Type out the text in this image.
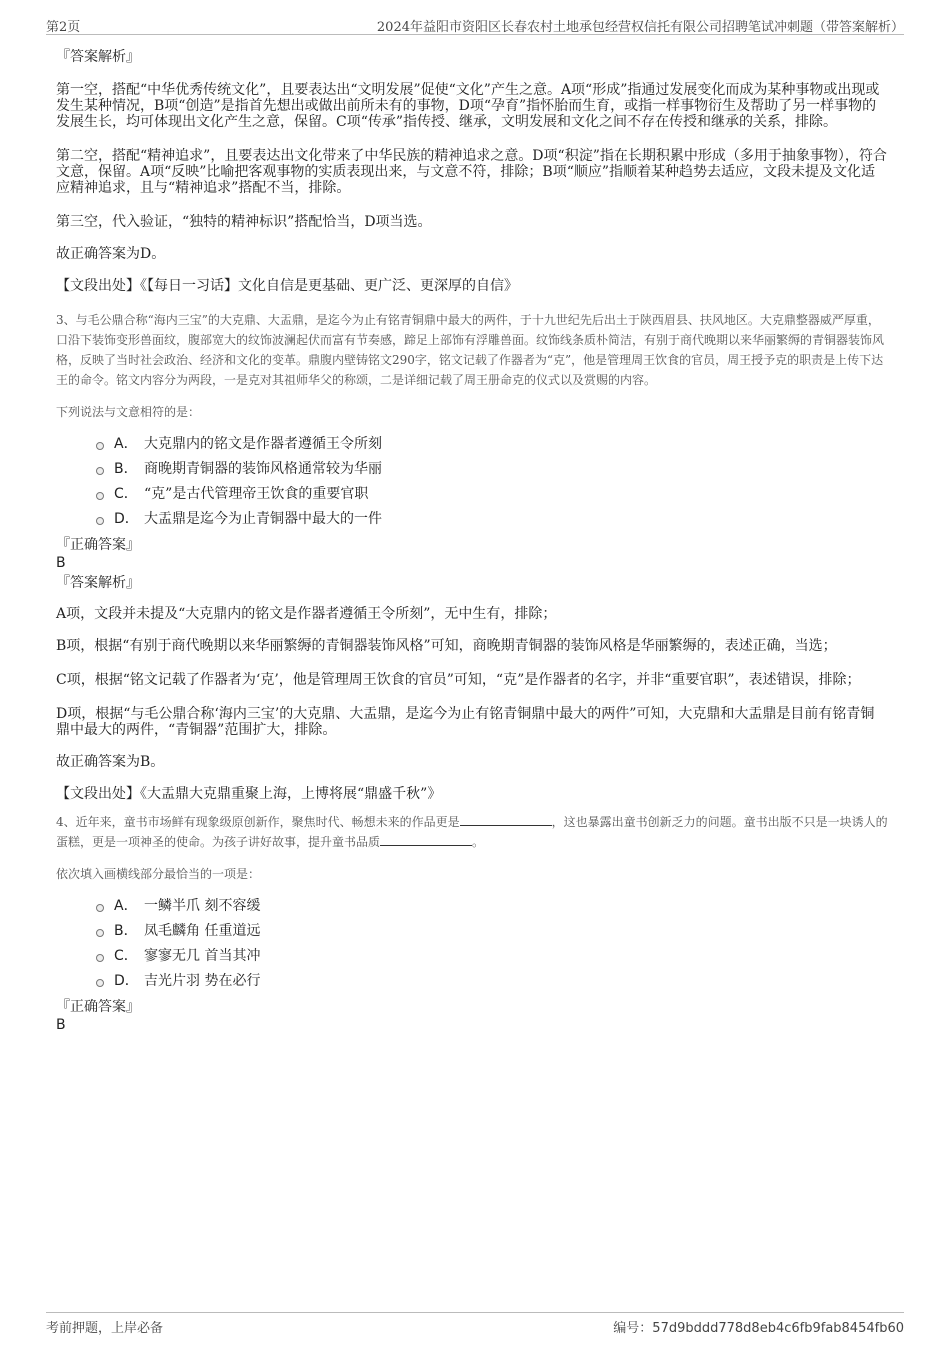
第2页	2024年益阳市资阳区长春农村土地承包经营权信托有限公司招聘笔试冲刺题（带答案解析）

『答案解析』

第一空，搭配“中华优秀传统文化”，且要表达出“文明发展”促使“文化”产生之意。A项“形成”指通过发展变化而成为某种事物或出现或发生某种情况，B项“创造”是指首先想出或做出前所未有的事物，D项“孕育”指怀胎而生育，或指一样事物衍生及帮助了另一样事物的发展生长，均可体现出文化产生之意，保留。C项“传承”指传授、继承，文明发展和文化之间不存在传授和继承的关系，排除。

第二空，搭配“精神追求”，且要表达出文化带来了中华民族的精神追求之意。D项“积淀”指在长期积累中形成（多用于抽象事物），符合文意，保留。A项“反映”比喻把客观事物的实质表现出来，与文意不符，排除；B项“顺应”指顺着某种趋势去适应，文段未提及文化适应精神追求，且与“精神追求”搭配不当，排除。

第三空，代入验证，“独特的精神标识”搭配恰当，D项当选。

故正确答案为D。

【文段出处】《【每日一习话】文化自信是更基础、更广泛、更深厚的自信》

3、与毛公鼎合称“海内三宝”的大克鼎、大盂鼎，是迄今为止有铭青铜鼎中最大的两件，于十九世纪先后出土于陕西眉县、扶风地区。大克鼎整器威严厚重，口沿下装饰变形兽面纹，腹部宽大的纹饰波澜起伏而富有节奏感，蹄足上部饰有浮雕兽面。纹饰线条质朴简洁，有别于商代晚期以来华丽繁缛的青铜器装饰风格，反映了当时社会政治、经济和文化的变革。鼎腹内壁铸铭文290字，铭文记载了作器者为“克”，他是管理周王饮食的官员，周王授予克的职责是上传下达王的命令。铭文内容分为两段，一是克对其祖师华父的称颂，二是详细记载了周王册命克的仪式以及赏赐的内容。

下列说法与文意相符的是：

A． 大克鼎内的铭文是作器者遵循王令所刻
B． 商晚期青铜器的装饰风格通常较为华丽
C． “克”是古代管理帝王饮食的重要官职
D． 大盂鼎是迄今为止青铜器中最大的一件

『正确答案』

B

『答案解析』

A项，文段并未提及“大克鼎内的铭文是作器者遵循王令所刻”，无中生有，排除；

B项，根据“有别于商代晚期以来华丽繁缛的青铜器装饰风格”可知，商晚期青铜器的装饰风格是华丽繁缛的，表述正确，当选；

C项，根据“铭文记载了作器者为‘克’，他是管理周王饮食的官员”可知，“克”是作器者的名字，并非“重要官职”，表述错误，排除；

D项，根据“与毛公鼎合称‘海内三宝’的大克鼎、大盂鼎，是迄今为止有铭青铜鼎中最大的两件”可知，大克鼎和大盂鼎是目前有铭青铜鼎中最大的两件，“青铜器”范围扩大，排除。

故正确答案为B。

【文段出处】《大盂鼎大克鼎重聚上海，上博将展“鼎盛千秋”》

4、近年来，童书市场鲜有现象级原创新作，聚焦时代、畅想未来的作品更是	，这也暴露出童书创新乏力的问题。童书出版不只是一块诱人的蛋糕，更是一项神圣的使命。为孩子讲好故事，提升童书品质	。

依次填入画横线部分最恰当的一项是：

A． 一鳞半爪 刻不容缓
B． 凤毛麟角 任重道远
C． 寥寥无几 首当其冲
D． 吉光片羽 势在必行

『正确答案』

B

考前押题，上岸必备	编号：57d9bddd778d8eb4c6fb9fab8454fb60
